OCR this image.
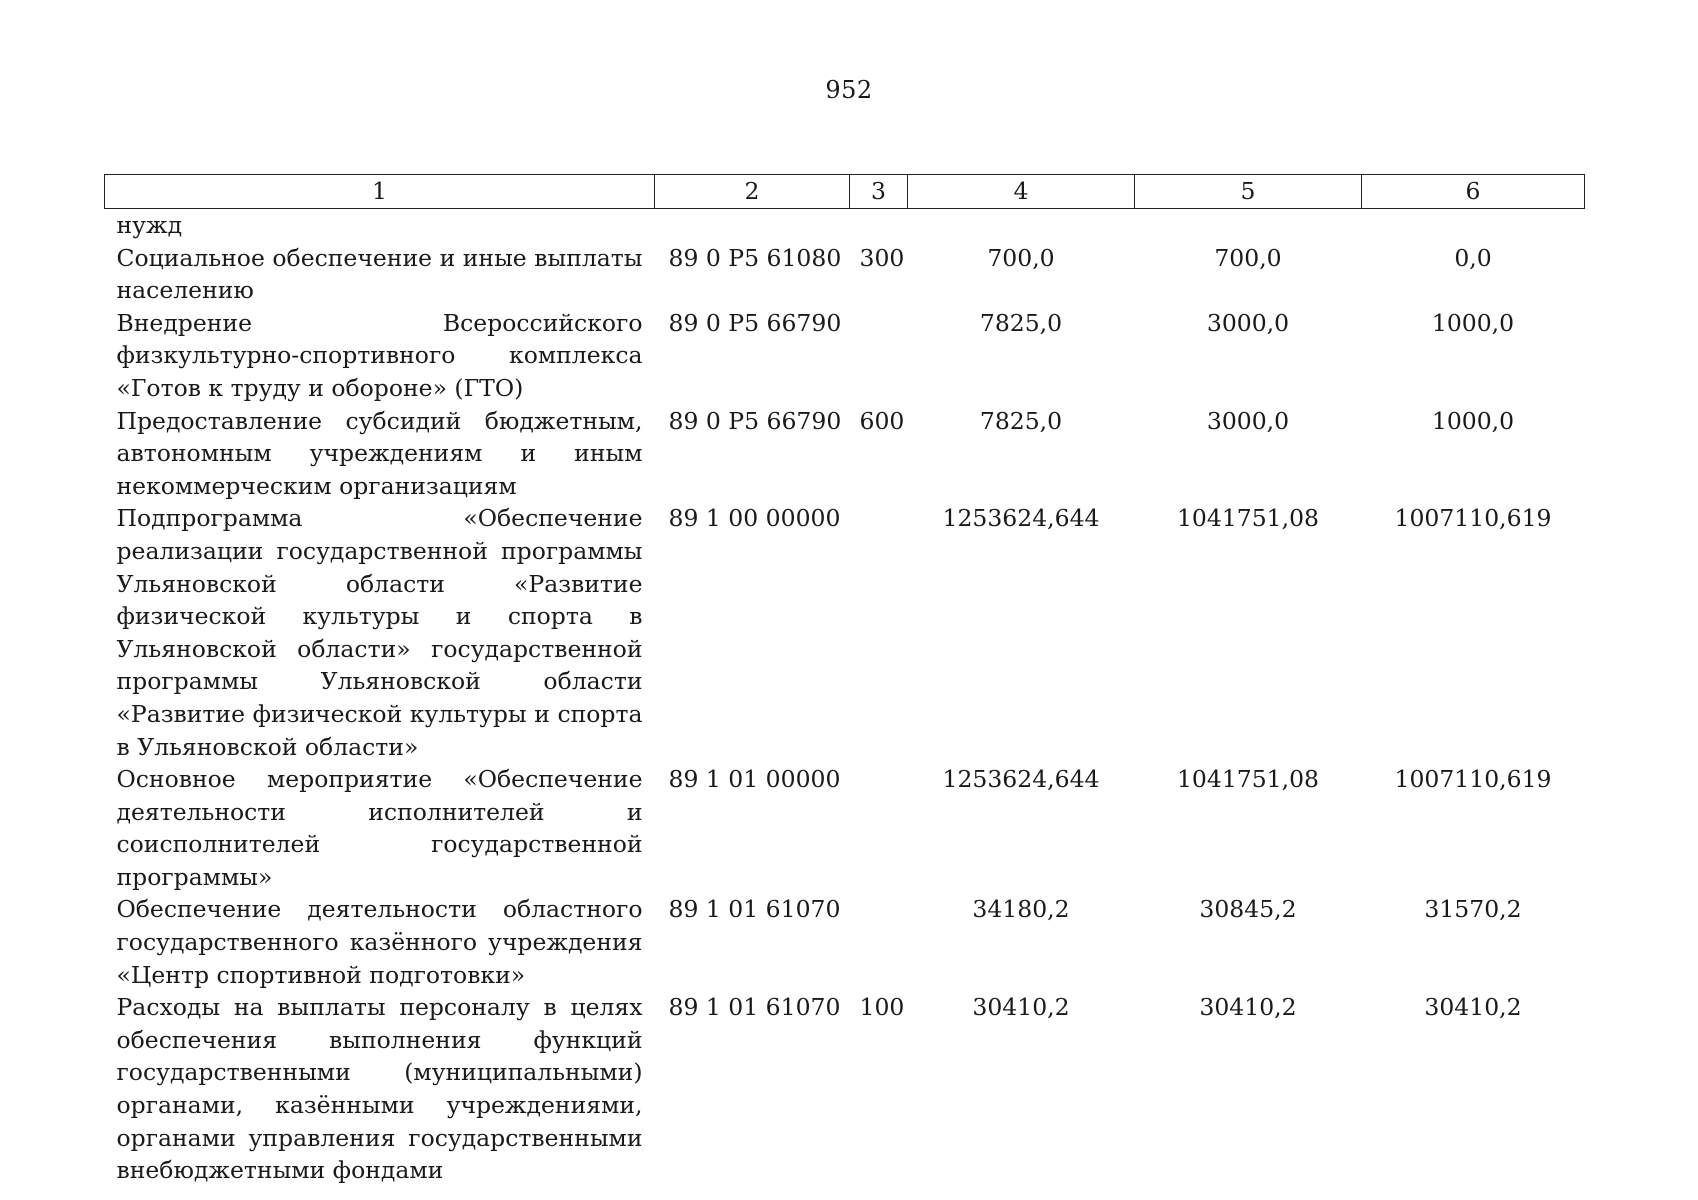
952
1	2	3	4	5	6
нужд					
Социальное обеспечение и иные выплаты населению	89 0 P5 61080	300	700,0	700,0	0,0
Внедрение Всероссийского физкультурно-спортивного комплекса «Готов к труду и обороне» (ГТО)	89 0 P5 66790		7825,0	3000,0	1000,0
Предоставление субсидий бюджетным, автономным учреждениям и иным некоммерческим организациям	89 0 P5 66790	600	7825,0	3000,0	1000,0
Подпрограмма «Обеспечение реализации государственной программы Ульяновской области «Развитие физической культуры и спорта в Ульяновской области» государственной программы Ульяновской области «Развитие физической культуры и спорта в Ульяновской области»	89 1 00 00000		1253624,644	1041751,08	1007110,619
Основное мероприятие «Обеспечение деятельности исполнителей и соисполнителей государственной программы»	89 1 01 00000		1253624,644	1041751,08	1007110,619
Обеспечение деятельности областного государственного казённого учреждения «Центр спортивной подготовки»	89 1 01 61070		34180,2	30845,2	31570,2
Расходы на выплаты персоналу в целях обеспечения выполнения функций государственными (муниципальными) органами, казёнными учреждениями, органами управления государственными внебюджетными фондами	89 1 01 61070	100	30410,2	30410,2	30410,2
